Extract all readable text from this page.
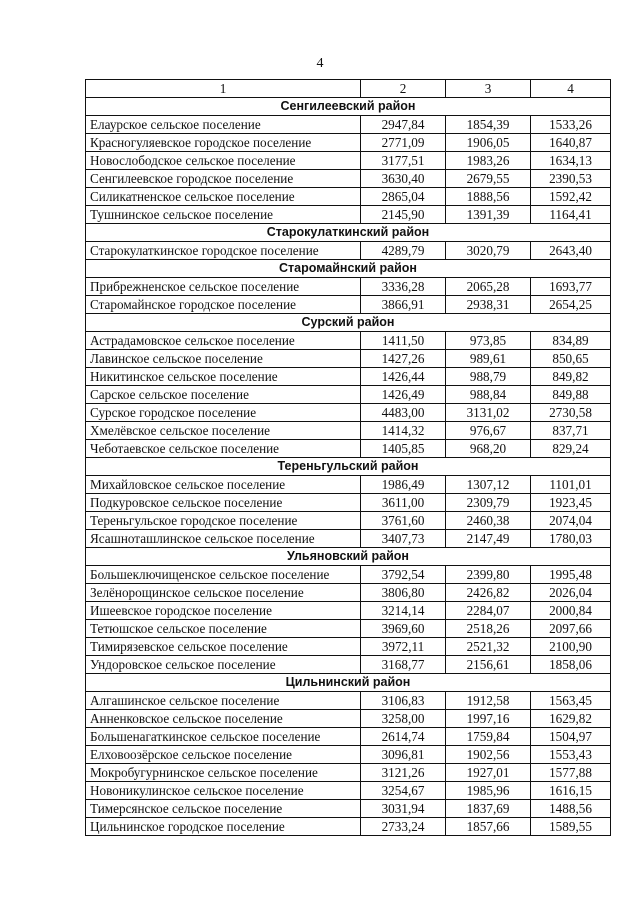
4
1	2	3	4
Сенгилеевский район			
Елаурское сельское поселение	2947,84	1854,39	1533,26
Красногуляевское городское поселение	2771,09	1906,05	1640,87
Новослободское сельское поселение	3177,51	1983,26	1634,13
Сенгилеевское городское поселение	3630,40	2679,55	2390,53
Силикатненское сельское поселение	2865,04	1888,56	1592,42
Тушнинское сельское поселение	2145,90	1391,39	1164,41
Старокулаткинский район			
Старокулаткинское городское поселение	4289,79	3020,79	2643,40
Старомайнский район			
Прибрежненское сельское поселение	3336,28	2065,28	1693,77
Старомайнское городское поселение	3866,91	2938,31	2654,25
Сурский район			
Астрадамовское сельское поселение	1411,50	973,85	834,89
Лавинское сельское поселение	1427,26	989,61	850,65
Никитинское сельское поселение	1426,44	988,79	849,82
Сарское сельское поселение	1426,49	988,84	849,88
Сурское городское поселение	4483,00	3131,02	2730,58
Хмелёвское сельское поселение	1414,32	976,67	837,71
Чеботаевское сельское поселение	1405,85	968,20	829,24
Тереньгульский район			
Михайловское сельское поселение	1986,49	1307,12	1101,01
Подкуровское сельское поселение	3611,00	2309,79	1923,45
Тереньгульское городское поселение	3761,60	2460,38	2074,04
Ясашноташлинское сельское поселение	3407,73	2147,49	1780,03
Ульяновский район			
Большеключищенское сельское поселение	3792,54	2399,80	1995,48
Зелёнорощинское сельское поселение	3806,80	2426,82	2026,04
Ишеевское городское поселение	3214,14	2284,07	2000,84
Тетюшское сельское поселение	3969,60	2518,26	2097,66
Тимирязевское сельское поселение	3972,11	2521,32	2100,90
Ундоровское сельское поселение	3168,77	2156,61	1858,06
Цильнинский район			
Алгашинское сельское поселение	3106,83	1912,58	1563,45
Анненковское сельское поселение	3258,00	1997,16	1629,82
Большенагаткинское сельское поселение	2614,74	1759,84	1504,97
Елховоозёрское сельское поселение	3096,81	1902,56	1553,43
Мокробугурнинское сельское поселение	3121,26	1927,01	1577,88
Новоникулинское сельское поселение	3254,67	1985,96	1616,15
Тимерсянское сельское поселение	3031,94	1837,69	1488,56
Цильнинское городское поселение	2733,24	1857,66	1589,55
